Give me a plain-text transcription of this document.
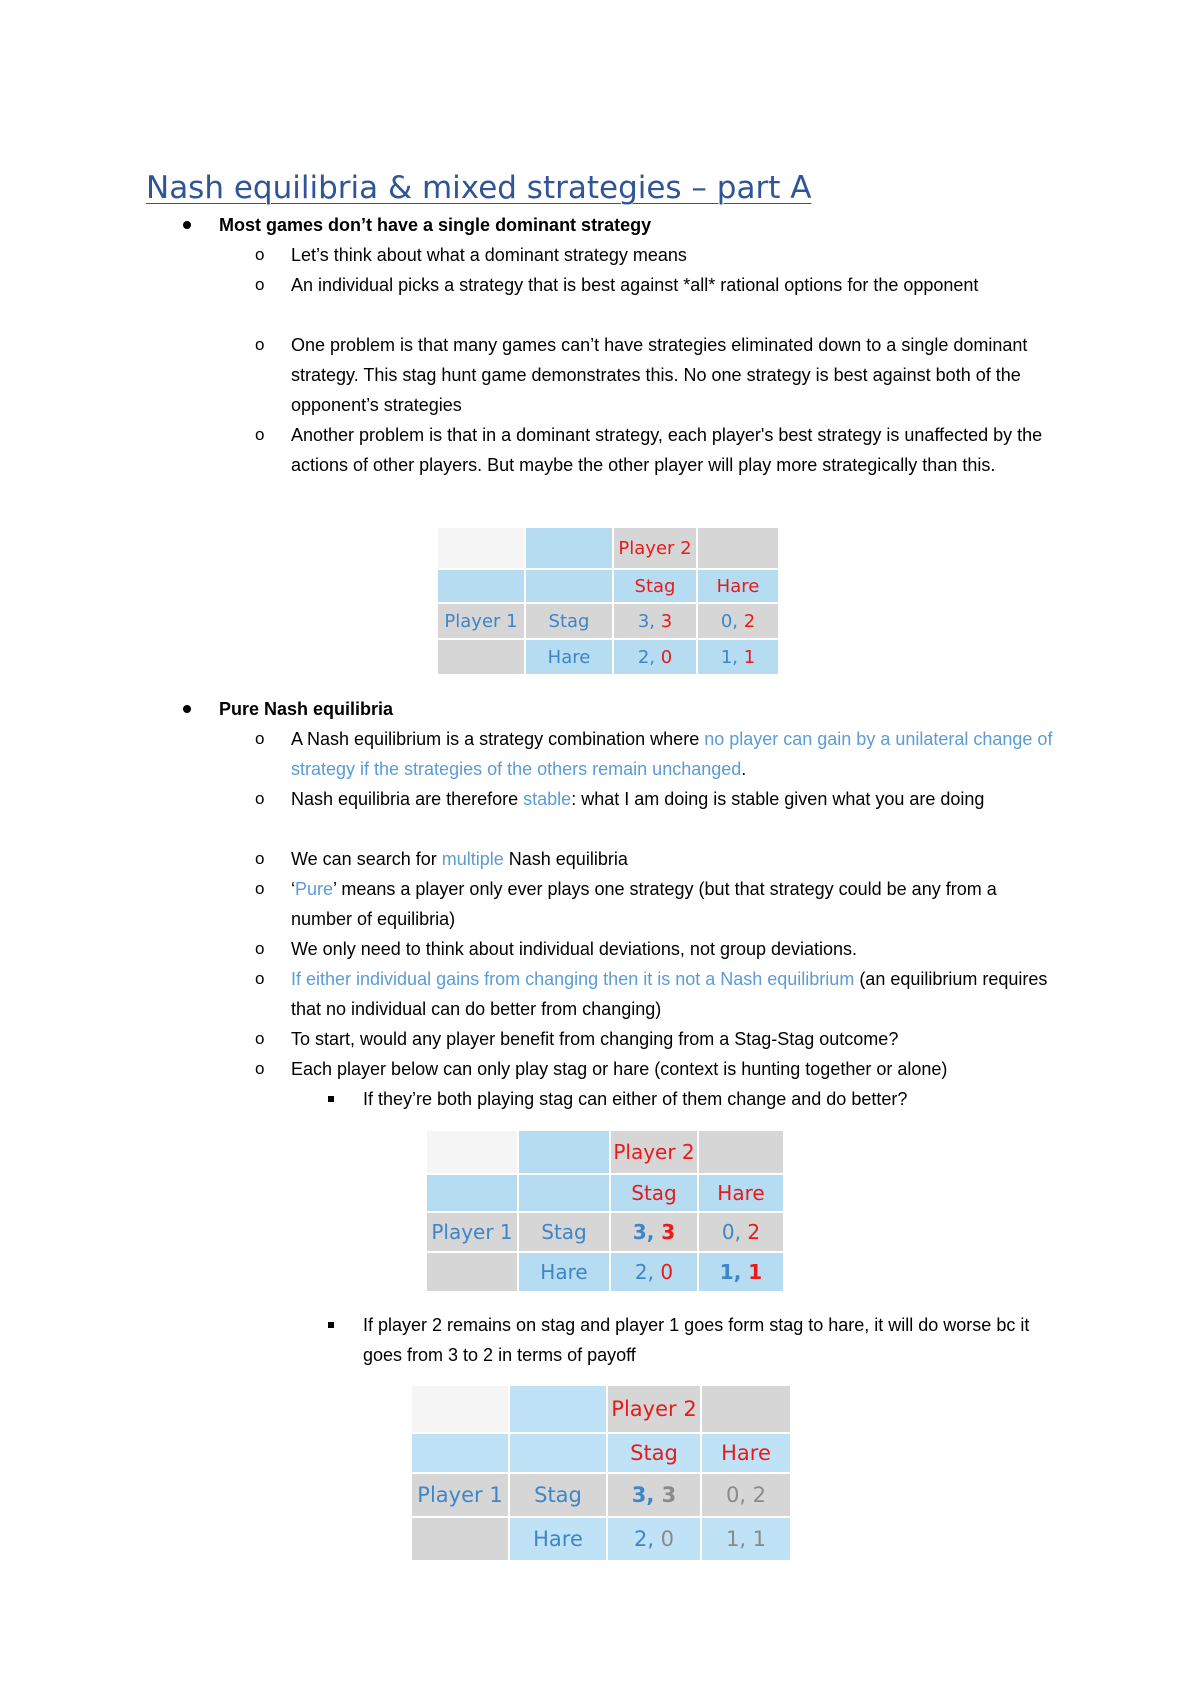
Nash equilibria & mixed strategies – part A
Most games don’t have a single dominant strategy
o Let’s think about what a dominant strategy means
o An individual picks a strategy that is best against *all* rational options for the opponent
o One problem is that many games can’t have strategies eliminated down to a single dominant strategy. This stag hunt game demonstrates this. No one strategy is best against both of the opponent’s strategies
o Another problem is that in a dominant strategy, each player's best strategy is unaffected by the actions of other players. But maybe the other player will play more strategically than this.
		Player 2	
		Stag	Hare
Player 1	Stag	3, 3	0, 2
	Hare	2, 0	1, 1
Pure Nash equilibria
o A Nash equilibrium is a strategy combination where no player can gain by a unilateral change of strategy if the strategies of the others remain unchanged.
o Nash equilibria are therefore stable: what I am doing is stable given what you are doing
o We can search for multiple Nash equilibria
o ‘Pure’ means a player only ever plays one strategy (but that strategy could be any from a number of equilibria)
o We only need to think about individual deviations, not group deviations.
o If either individual gains from changing then it is not a Nash equilibrium (an equilibrium requires that no individual can do better from changing)
o To start, would any player benefit from changing from a Stag-Stag outcome?
o Each player below can only play stag or hare (context is hunting together or alone)
If they’re both playing stag can either of them change and do better?
		Player 2	
		Stag	Hare
Player 1	Stag	3, 3	0, 2
	Hare	2, 0	1, 1
If player 2 remains on stag and player 1 goes form stag to hare, it will do worse bc it goes from 3 to 2 in terms of payoff
		Player 2	
		Stag	Hare
Player 1	Stag	3, 3	0, 2
	Hare	2, 0	1, 1
